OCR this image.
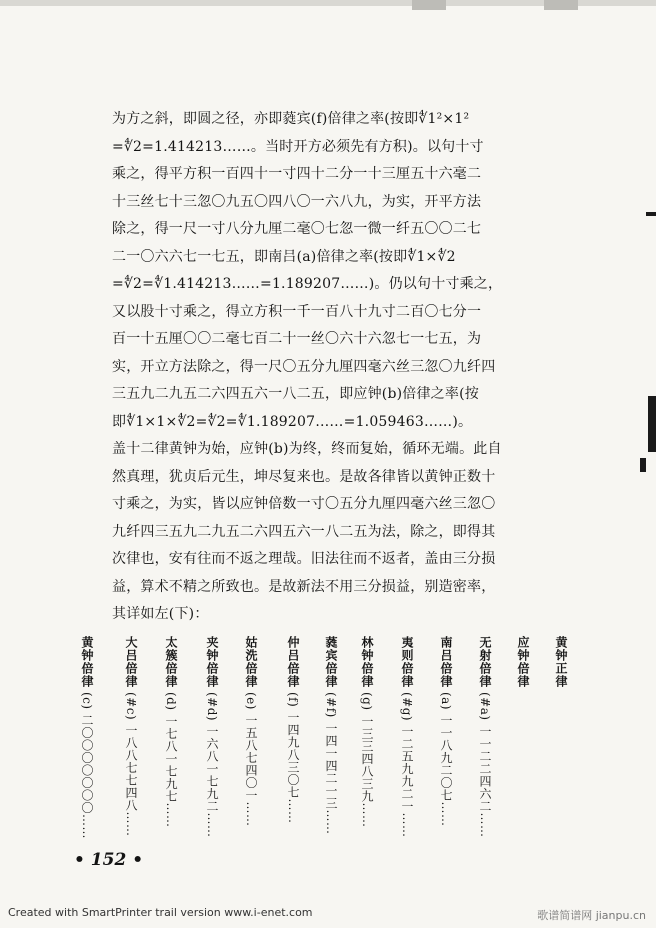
为方之斜，即圆之径，亦即蕤宾(f)倍律之率(按即∜1²×1²
=∜2=1.414213……。当时开方必须先有方积)。以句十寸
乘之，得平方积一百四十一寸四十二分一十三厘五十六毫二
十三丝七十三忽〇九五〇四八〇一六八九，为实，开平方法
除之，得一尺一寸八分九厘二毫〇七忽一微一纤五〇〇二七
二一〇六六七一七五，即南吕(a)倍律之率(按即∜1×∜2
=∜2=∜1.414213……=1.189207……)。仍以句十寸乘之，
又以股十寸乘之，得立方积一千一百八十九寸二百〇七分一
百一十五厘〇〇二毫七百二十一丝〇六十六忽七一七五，为
实，开立方法除之，得一尺〇五分九厘四毫六丝三忽〇九纤四
三五九二九五二六四五六一八二五，即应钟(b)倍律之率(按
即∜1×1×∜2=∜2=∜1.189207……=1.059463……)。
盖十二律黄钟为始，应钟(b)为终，终而复始，循环无端。此自
然真理，犹贞后元生，坤尽复来也。是故各律皆以黄钟正数十
寸乘之，为实，皆以应钟倍数一寸〇五分九厘四毫六丝三忽〇
九纤四三五九二九五二六四五六一八二五为法，除之，即得其
次律也，安有往而不返之理哉。旧法往而不返者，盖由三分损
益，算术不精之所致也。是故新法不用三分损益，别造密率，
其详如左(下)：
黄钟倍律
(c)
二〇〇〇〇〇〇〇……
大吕倍律
(#c)
一八八七七四八……
太簇倍律
(d)
一七八一七九七……
夹钟倍律
(#d)
一六八一七九二……
姑洗倍律
(e)
一五八七四〇一……
仲吕倍律
(f)
一四九八三〇七……
蕤宾倍律
(#f)
一四一四二一三……
林钟倍律
(g)
一三三四八三九……
夷则倍律
(#g)
一二五九九二一……
南吕倍律
(a)
一一八九二〇七……
无射倍律
(#a)
一一二二四六二……
应钟倍律 黄钟正律
• 152 •
Created with SmartPrinter trail version www.i-enet.com	歌谱简谱网 jianpu.cn
